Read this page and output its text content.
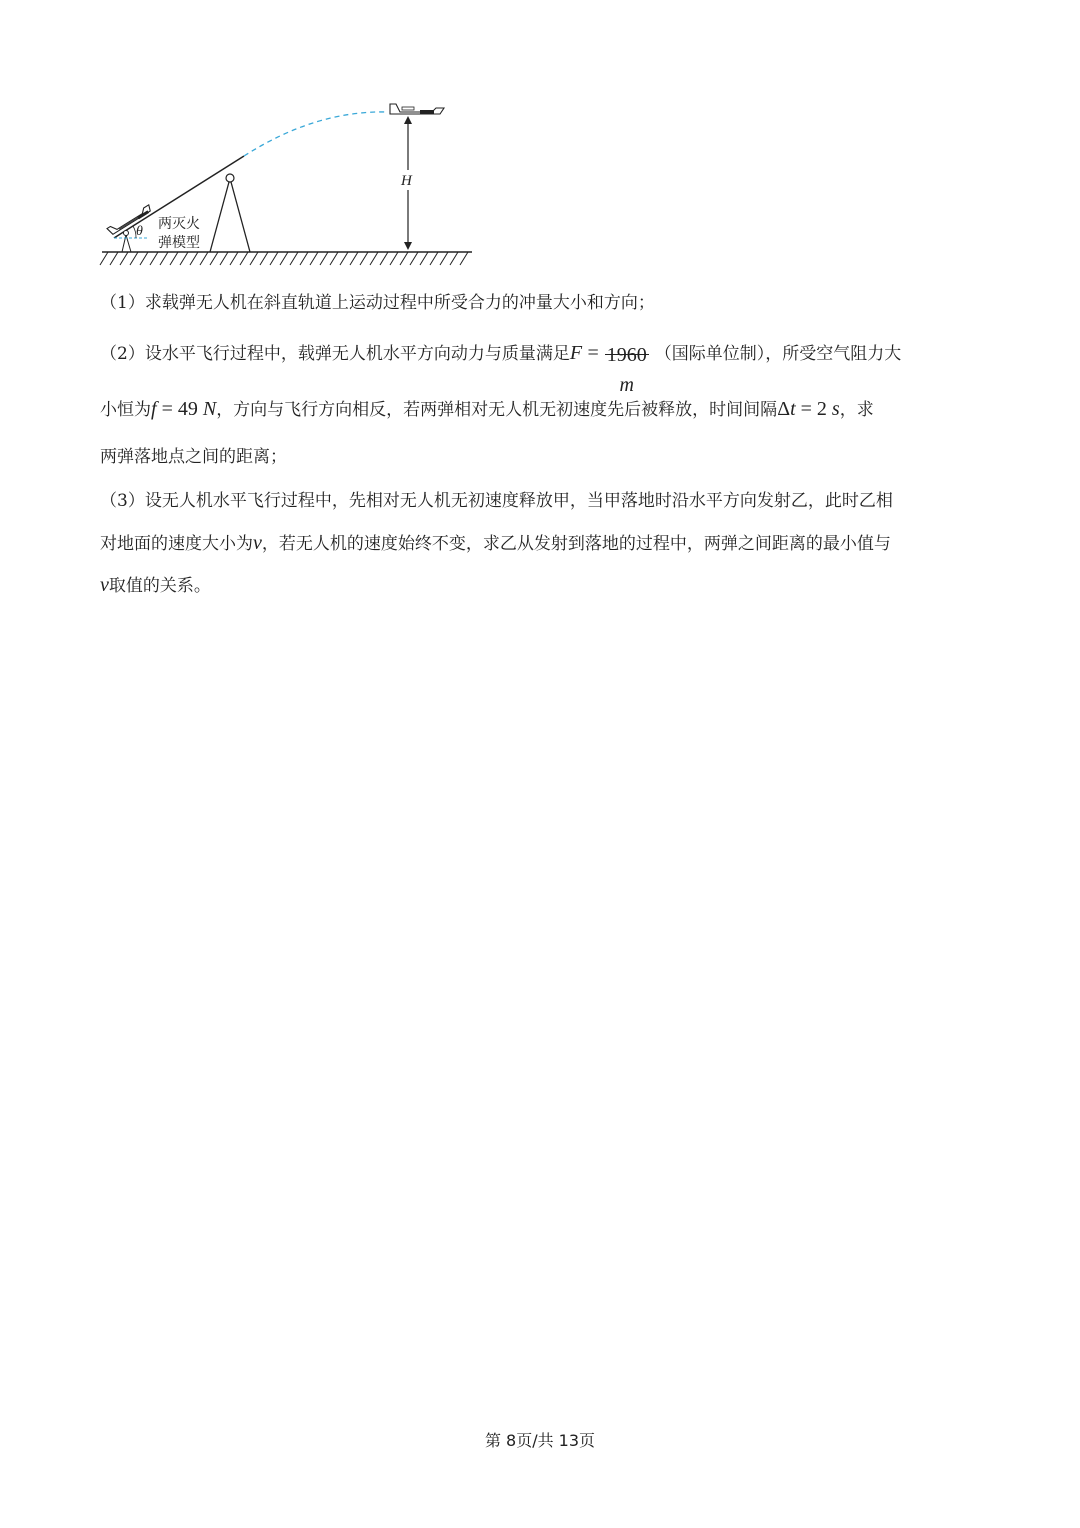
θ 两灭火
弹模型
H
（1）求载弹无人机在斜直轨道上运动过程中所受合力的冲量大小和方向；
（2）设水平飞行过程中，载弹无人机水平方向动力与质量满足F = 1960
m
（国际单位制），所受空气阻力大
小恒为f = 49 N，方向与飞行方向相反，若两弹相对无人机无初速度先后被释放，时间间隔Δt = 2 s，求
两弹落地点之间的距离；
（3）设无人机水平飞行过程中，先相对无人机无初速度释放甲，当甲落地时沿水平方向发射乙，此时乙相
对地面的速度大小为v，若无人机的速度始终不变，求乙从发射到落地的过程中，两弹之间距离的最小值与
v取值的关系。
第 8页/共 13页
